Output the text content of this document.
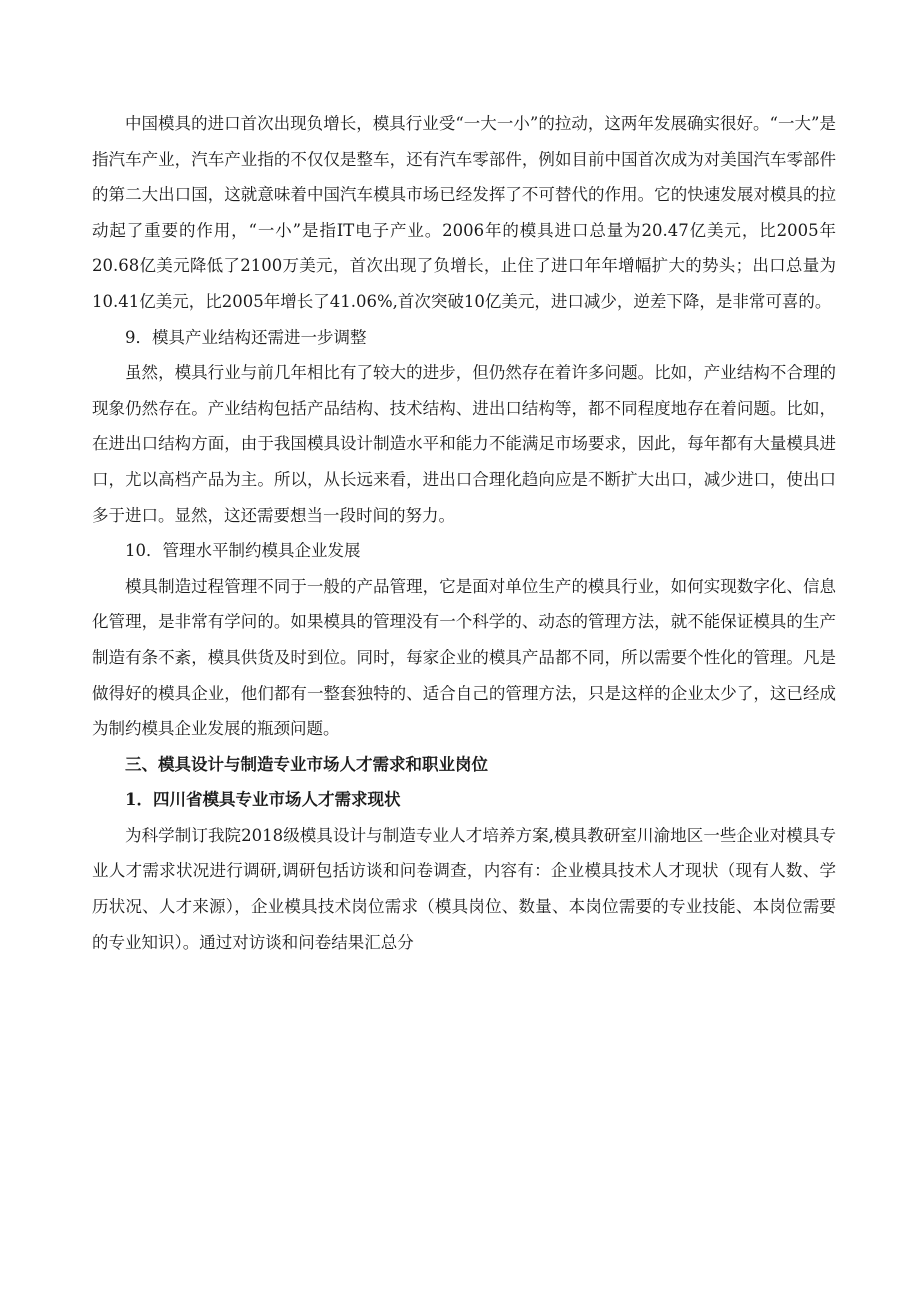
中国模具的进口首次出现负增长，模具行业受“一大一小”的拉动，这两年发展确实很好。“一大”是指汽车产业，汽车产业指的不仅仅是整车，还有汽车零部件，例如目前中国首次成为对美国汽车零部件的第二大出口国，这就意味着中国汽车模具市场已经发挥了不可替代的作用。它的快速发展对模具的拉动起了重要的作用，“一小”是指IT电子产业。2006年的模具进口总量为20.47亿美元，比2005年20.68亿美元降低了2100万美元，首次出现了负增长，止住了进口年年增幅扩大的势头；出口总量为10.41亿美元，比2005年增长了41.06%,首次突破10亿美元，进口减少，逆差下降，是非常可喜的。

9．模具产业结构还需进一步调整

虽然，模具行业与前几年相比有了较大的进步，但仍然存在着许多问题。比如，产业结构不合理的现象仍然存在。产业结构包括产品结构、技术结构、进出口结构等，都不同程度地存在着问题。比如，在进出口结构方面，由于我国模具设计制造水平和能力不能满足市场要求，因此，每年都有大量模具进口，尤以高档产品为主。所以，从长远来看，进出口合理化趋向应是不断扩大出口，减少进口，使出口多于进口。显然，这还需要想当一段时间的努力。

10．管理水平制约模具企业发展

模具制造过程管理不同于一般的产品管理，它是面对单位生产的模具行业，如何实现数字化、信息化管理，是非常有学问的。如果模具的管理没有一个科学的、动态的管理方法，就不能保证模具的生产制造有条不紊，模具供货及时到位。同时，每家企业的模具产品都不同，所以需要个性化的管理。凡是做得好的模具企业，他们都有一整套独特的、适合自己的管理方法，只是这样的企业太少了，这已经成为制约模具企业发展的瓶颈问题。

三、模具设计与制造专业市场人才需求和职业岗位

1．四川省模具专业市场人才需求现状

为科学制订我院2018级模具设计与制造专业人才培养方案,模具教研室川渝地区一些企业对模具专业人才需求状况进行调研,调研包括访谈和问卷调查，内容有：企业模具技术人才现状（现有人数、学历状况、人才来源），企业模具技术岗位需求（模具岗位、数量、本岗位需要的专业技能、本岗位需要的专业知识）。通过对访谈和问卷结果汇总分
